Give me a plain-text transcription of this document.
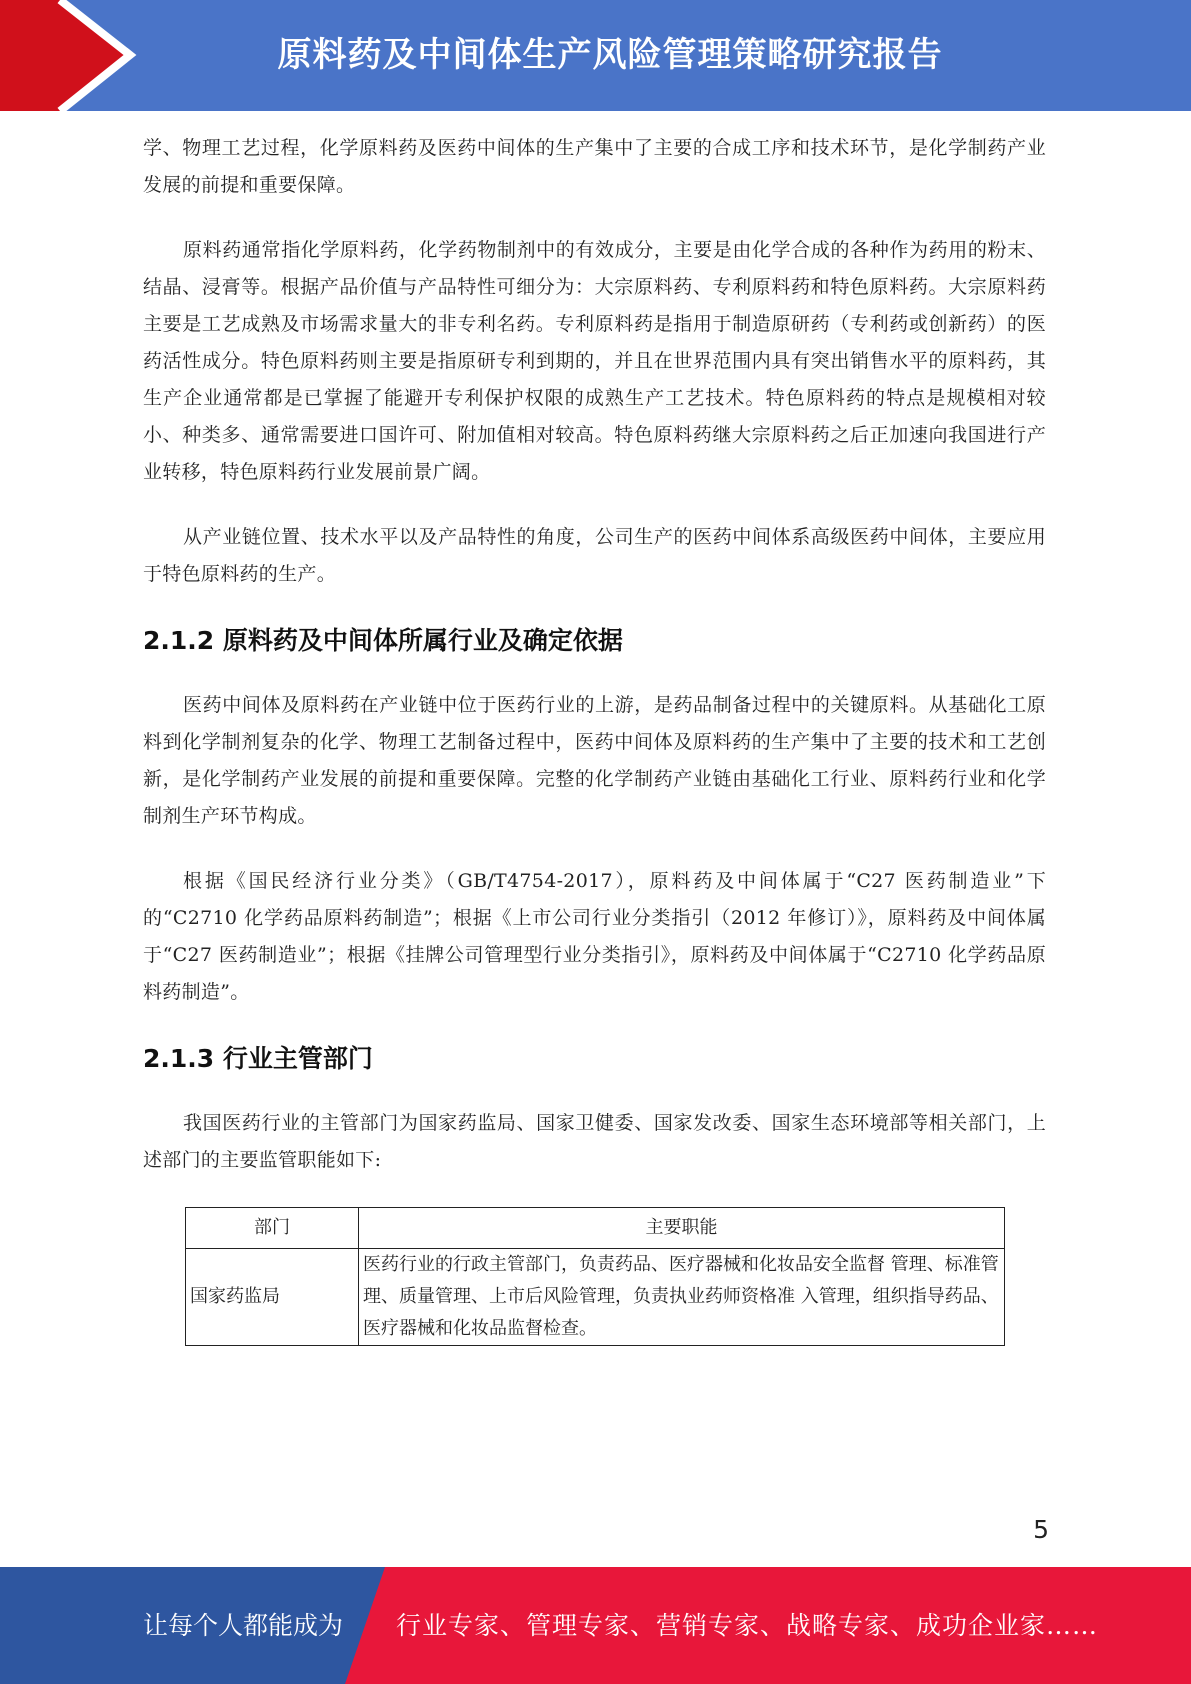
原料药及中间体生产风险管理策略研究报告

学、物理工艺过程，化学原料药及医药中间体的生产集中了主要的合成工序和技术环节，是化学制药产业发展的前提和重要保障。

原料药通常指化学原料药，化学药物制剂中的有效成分，主要是由化学合成的各种作为药用的粉末、结晶、浸膏等。根据产品价值与产品特性可细分为：大宗原料药、专利原料药和特色原料药。大宗原料药主要是工艺成熟及市场需求量大的非专利名药。专利原料药是指用于制造原研药（专利药或创新药）的医药活性成分。特色原料药则主要是指原研专利到期的，并且在世界范围内具有突出销售水平的原料药，其生产企业通常都是已掌握了能避开专利保护权限的成熟生产工艺技术。特色原料药的特点是规模相对较小、种类多、通常需要进口国许可、附加值相对较高。特色原料药继大宗原料药之后正加速向我国进行产业转移，特色原料药行业发展前景广阔。

从产业链位置、技术水平以及产品特性的角度，公司生产的医药中间体系高级医药中间体，主要应用于特色原料药的生产。

2.1.2 原料药及中间体所属行业及确定依据

医药中间体及原料药在产业链中位于医药行业的上游，是药品制备过程中的关键原料。从基础化工原料到化学制剂复杂的化学、物理工艺制备过程中，医药中间体及原料药的生产集中了主要的技术和工艺创新，是化学制药产业发展的前提和重要保障。完整的化学制药产业链由基础化工行业、原料药行业和化学制剂生产环节构成。

根据《国民经济行业分类》（GB/T4754-2017），原料药及中间体属于“C27 医药制造业”下的“C2710 化学药品原料药制造”；根据《上市公司行业分类指引（2012 年修订）》，原料药及中间体属于“C27 医药制造业”；根据《挂牌公司管理型行业分类指引》，原料药及中间体属于“C2710 化学药品原料药制造”。

2.1.3 行业主管部门

我国医药行业的主管部门为国家药监局、国家卫健委、国家发改委、国家生态环境部等相关部门，上述部门的主要监管职能如下:

部门	主要职能
国家药监局	医药行业的行政主管部门，负责药品、医疗器械和化妆品安全监督 管理、标准管理、质量管理、上市后风险管理，负责执业药师资格准 入管理，组织指导药品、医疗器械和化妆品监督检查。
5
让每个人都能成为 行业专家、管理专家、营销专家、战略专家、成功企业家……
